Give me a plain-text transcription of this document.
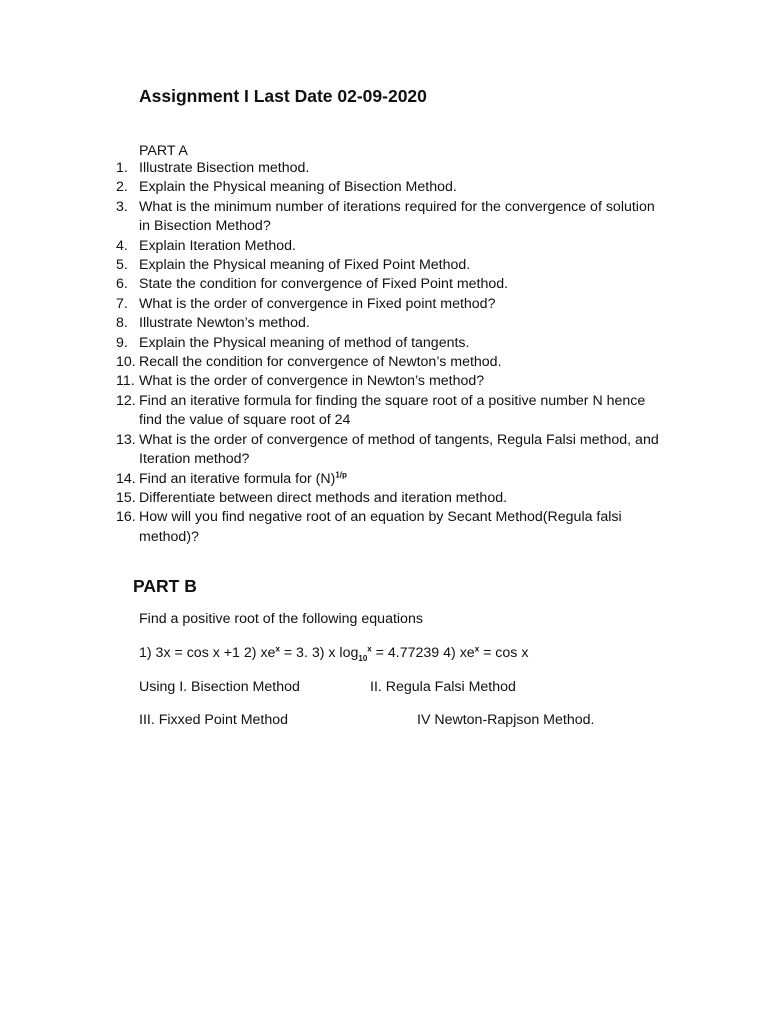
Assignment I Last Date 02-09-2020
PART A
1. Illustrate Bisection method.
2. Explain the Physical meaning of Bisection Method.
3. What is the minimum number of iterations required for the convergence of solution in Bisection Method?
4. Explain Iteration Method.
5. Explain the Physical meaning of Fixed Point Method.
6. State the condition for convergence of Fixed Point method.
7. What is the order of convergence in Fixed point method?
8. Illustrate Newton’s method.
9. Explain the Physical meaning of method of tangents.
10. Recall the condition for convergence of Newton’s method.
11. What is the order of convergence in Newton’s method?
12. Find an iterative formula for finding the square root of a positive number N hence find the value of square root of 24
13. What is the order of convergence of method of tangents, Regula Falsi method, and Iteration method?
14. Find an iterative formula for $(N)^{1/p}$
15. Differentiate between direct methods and iteration method.
16. How will you find negative root of an equation by Secant Method(Regula falsi method)?
PART B
Find a positive root of the following equations
1) 3x = cos x +1 2) $xe^x = 3$. 3) x $\log_{10}^x = 4.77239$ 4) $xe^x = \cos x$
Using I. Bisection Method	II. Regula Falsi Method
III. Fixxed Point Method	IV Newton-Rapjson Method.
